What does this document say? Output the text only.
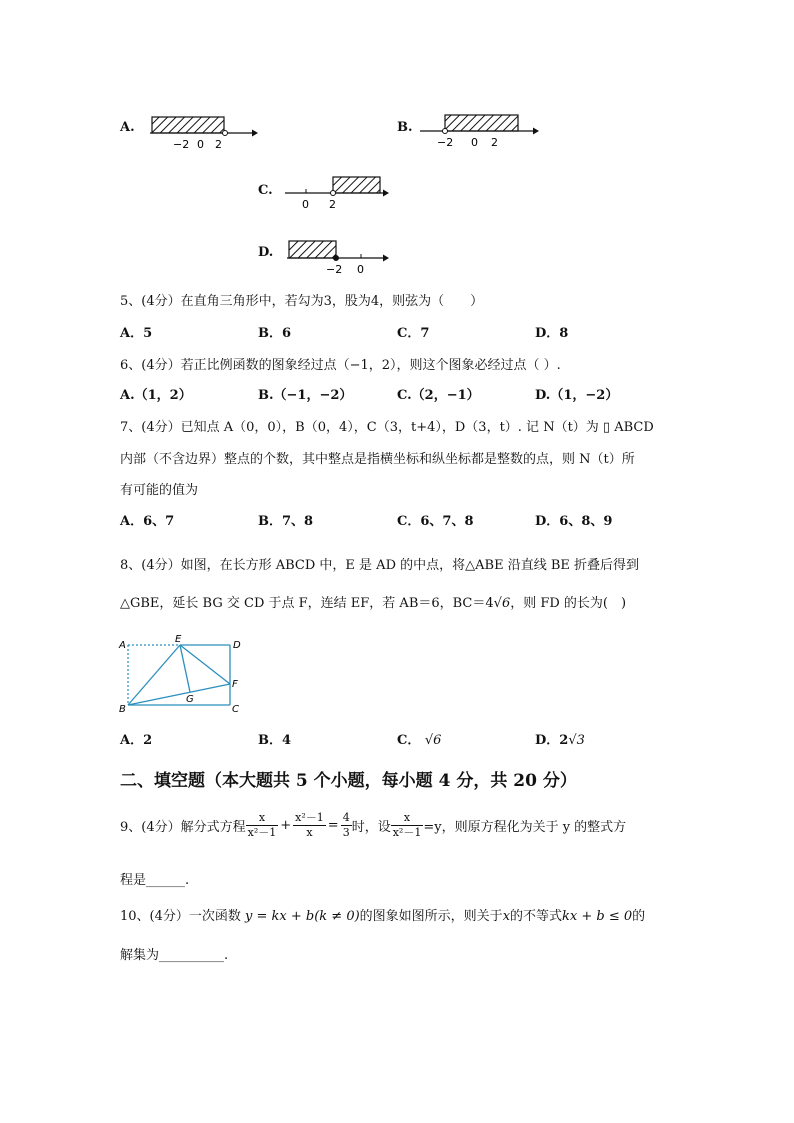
A.
−2 0 2
B.
−2 0 2
C.
0 2
D.
−2 0
5、(4分）在直角三角形中，若勾为3，股为4，则弦为（　　）
A．5	B．6	C．7	D．8
6、(4分）若正比例函数的图象经过点（−1，2），则这个图象必经过点（ ）.
A.（1，2）	B.（−1，−2）	C.（2，−1）	D.（1，−2）
7、(4分）已知点 A（0，0），B（0，4），C（3，t+4），D（3，t）. 记 N（t）为 ▯ ABCD
内部（不含边界）整点的个数，其中整点是指横坐标和纵坐标都是整数的点，则 N（t）所
有可能的值为
A．6、7	B．7、8	C．6、7、8	D．6、8、9
8、(4分）如图，在长方形 ABCD 中，E 是 AD 的中点，将△ABE 沿直线 BE 折叠后得到
△GBE，延长 BG 交 CD 于点 F，连结 EF，若 AB＝6，BC＝4√6，则 FD 的长为(　)
A
E
D
F
G
B	C
A．2	B．4	C． √6	D．2√3
二、填空题（本大题共 5 个小题，每小题 4 分，共 20 分）
9、(4分）解分式方程 $\frac{x}{\text{x²－1}} + \frac{\text{x²－1}}{x} = \frac{4}{3}$ 时，设 $\frac{x}{\text{x²－1}} =y$，则原方程化为关于 y 的整式方
程是______.
10、(4分）一次函数 y = kx + b(k ≠ 0)的图象如图所示，则关于x的不等式kx + b ≤ 0的
解集为__________.
